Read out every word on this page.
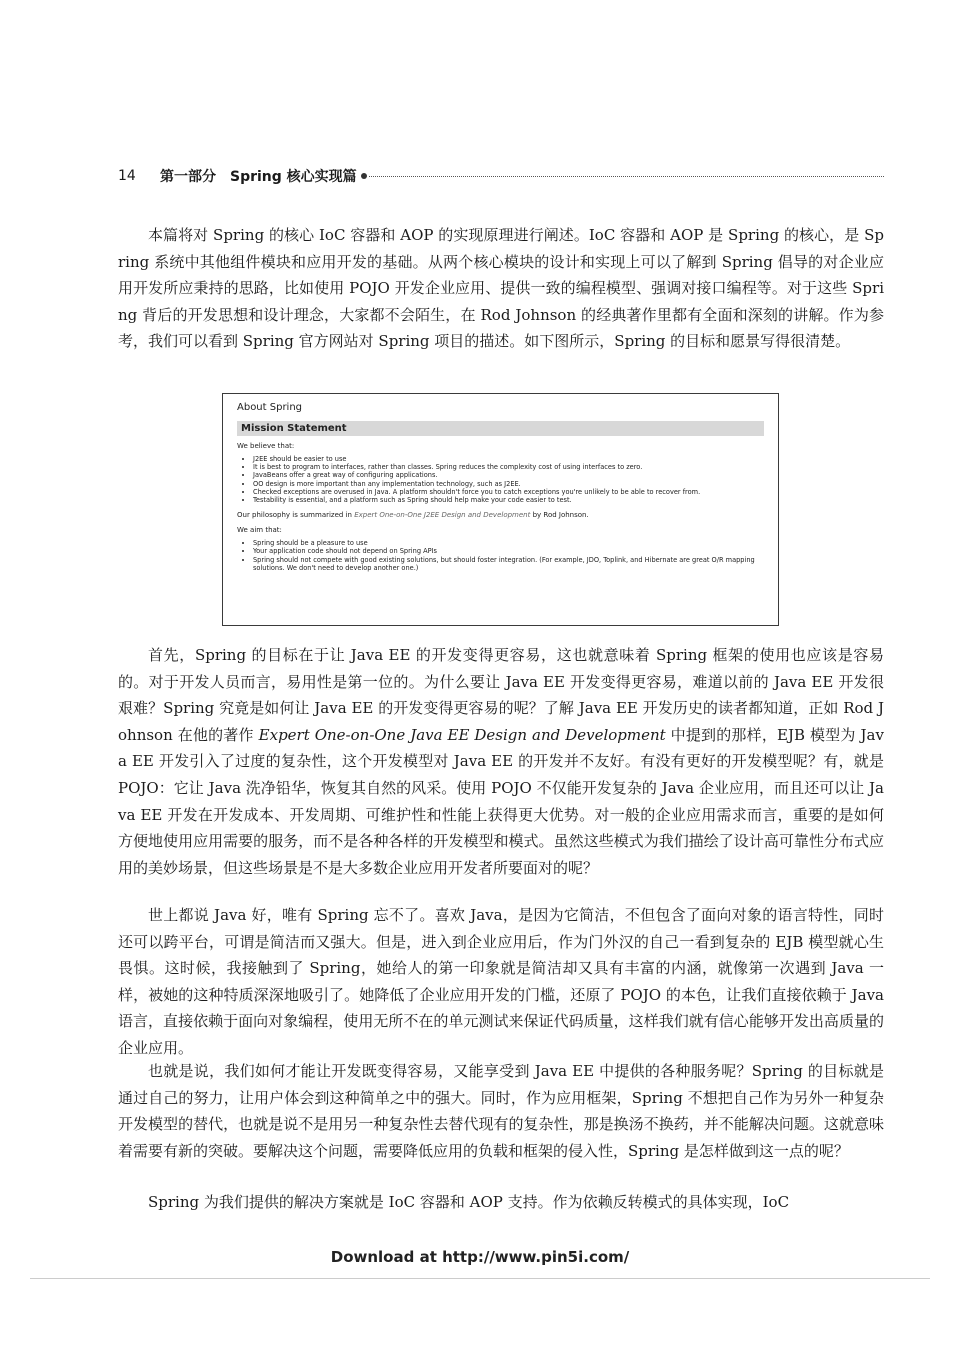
14	第一部分 Spring 核心实现篇

本篇将对 Spring 的核心 IoC 容器和 AOP 的实现原理进行阐述。IoC 容器和 AOP 是 Spring 的核心，是 Spring 系统中其他组件模块和应用开发的基础。从两个核心模块的设计和实现上可以了解到 Spring 倡导的对企业应用开发所应秉持的思路，比如使用 POJO 开发企业应用、提供一致的编程模型、强调对接口编程等。对于这些 Spring 背后的开发思想和设计理念，大家都不会陌生，在 Rod Johnson 的经典著作里都有全面和深刻的讲解。作为参考，我们可以看到 Spring 官方网站对 Spring 项目的描述。如下图所示，Spring 的目标和愿景写得很清楚。

About Spring
Mission Statement
We believe that:
• J2EE should be easier to use
• It is best to program to interfaces, rather than classes. Spring reduces the complexity cost of using interfaces to zero.
• JavaBeans offer a great way of configuring applications.
• OO design is more important than any implementation technology, such as J2EE.
• Checked exceptions are overused in Java. A platform shouldn't force you to catch exceptions you're unlikely to be able to recover from.
• Testability is essential, and a platform such as Spring should help make your code easier to test.
Our philosophy is summarized in Expert One-on-One J2EE Design and Development by Rod Johnson.
We aim that:
• Spring should be a pleasure to use
• Your application code should not depend on Spring APIs
• Spring should not compete with good existing solutions, but should foster integration. (For example, JDO, Toplink, and Hibernate are great O/R mapping solutions. We don't need to develop another one.)

首先，Spring 的目标在于让 Java EE 的开发变得更容易，这也就意味着 Spring 框架的使用也应该是容易的。对于开发人员而言，易用性是第一位的。为什么要让 Java EE 开发变得更容易，难道以前的 Java EE 开发很艰难？Spring 究竟是如何让 Java EE 的开发变得更容易的呢？了解 Java EE 开发历史的读者都知道，正如 Rod Johnson 在他的著作 Expert One-on-One Java EE Design and Development 中提到的那样，EJB 模型为 Java EE 开发引入了过度的复杂性，这个开发模型对 Java EE 的开发并不友好。有没有更好的开发模型呢？有，就是 POJO：它让 Java 洗净铅华，恢复其自然的风采。使用 POJO 不仅能开发复杂的 Java 企业应用，而且还可以让 Java EE 开发在开发成本、开发周期、可维护性和性能上获得更大优势。对一般的企业应用需求而言，重要的是如何方便地使用应用需要的服务，而不是各种各样的开发模型和模式。虽然这些模式为我们描绘了设计高可靠性分布式应用的美妙场景，但这些场景是不是大多数企业应用开发者所要面对的呢？

世上都说 Java 好，唯有 Spring 忘不了。喜欢 Java，是因为它简洁，不但包含了面向对象的语言特性，同时还可以跨平台，可谓是简洁而又强大。但是，进入到企业应用后，作为门外汉的自己一看到复杂的 EJB 模型就心生畏惧。这时候，我接触到了 Spring，她给人的第一印象就是简洁却又具有丰富的内涵，就像第一次遇到 Java 一样，被她的这种特质深深地吸引了。她降低了企业应用开发的门槛，还原了 POJO 的本色，让我们直接依赖于 Java 语言，直接依赖于面向对象编程，使用无所不在的单元测试来保证代码质量，这样我们就有信心能够开发出高质量的企业应用。

也就是说，我们如何才能让开发既变得容易，又能享受到 Java EE 中提供的各种服务呢？Spring 的目标就是通过自己的努力，让用户体会到这种简单之中的强大。同时，作为应用框架，Spring 不想把自己作为另外一种复杂开发模型的替代，也就是说不是用另一种复杂性去替代现有的复杂性，那是换汤不换药，并不能解决问题。这就意味着需要有新的突破。要解决这个问题，需要降低应用的负载和框架的侵入性，Spring 是怎样做到这一点的呢？

Spring 为我们提供的解决方案就是 IoC 容器和 AOP 支持。作为依赖反转模式的具体实现，IoC

Download at http://www.pin5i.com/
